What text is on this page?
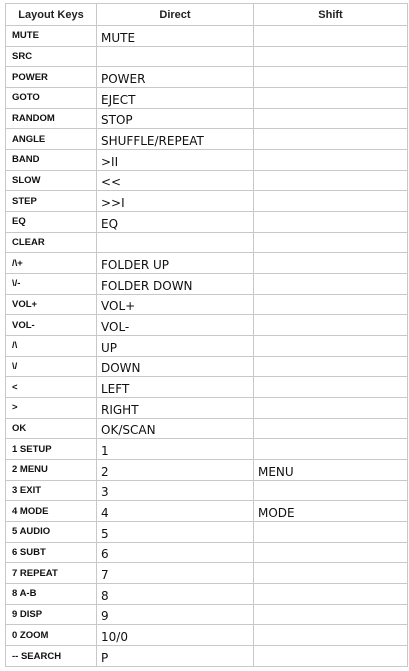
Layout Keys	Direct	Shift
MUTE	MUTE	
SRC		
POWER	POWER	
GOTO	EJECT	
RANDOM	STOP	
ANGLE	SHUFFLE/REPEAT	
BAND	>II	
SLOW	<<	
STEP	>>I	
EQ	EQ	
CLEAR		
/\+	FOLDER UP	
\/-	FOLDER DOWN	
VOL+	VOL+	
VOL-	VOL-	
/\	UP	
\/	DOWN	
<	LEFT	
>	RIGHT	
OK	OK/SCAN	
1 SETUP	1	
2 MENU	2	MENU
3 EXIT	3	
4 MODE	4	MODE
5 AUDIO	5	
6 SUBT	6	
7 REPEAT	7	
8 A-B	8	
9 DISP	9	
0 ZOOM	10/0	
-- SEARCH	P	
